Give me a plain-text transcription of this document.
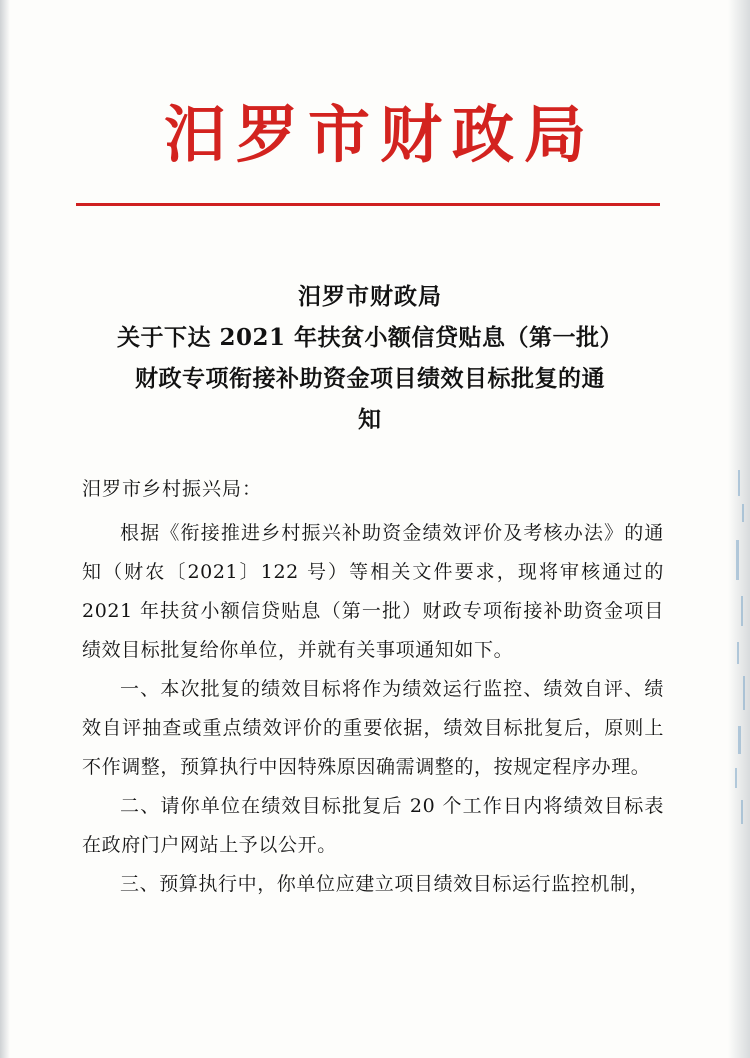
汨罗市财政局
汨罗市财政局
关于下达 2021 年扶贫小额信贷贴息（第一批）
财政专项衔接补助资金项目绩效目标批复的通
知
汨罗市乡村振兴局：

根据《衔接推进乡村振兴补助资金绩效评价及考核办法》的通知（财农〔2021〕122 号）等相关文件要求，现将审核通过的 2021 年扶贫小额信贷贴息（第一批）财政专项衔接补助资金项目绩效目标批复给你单位，并就有关事项通知如下。

一、本次批复的绩效目标将作为绩效运行监控、绩效自评、绩效自评抽查或重点绩效评价的重要依据，绩效目标批复后，原则上不作调整，预算执行中因特殊原因确需调整的，按规定程序办理。

二、请你单位在绩效目标批复后 20 个工作日内将绩效目标表在政府门户网站上予以公开。

三、预算执行中，你单位应建立项目绩效目标运行监控机制，
